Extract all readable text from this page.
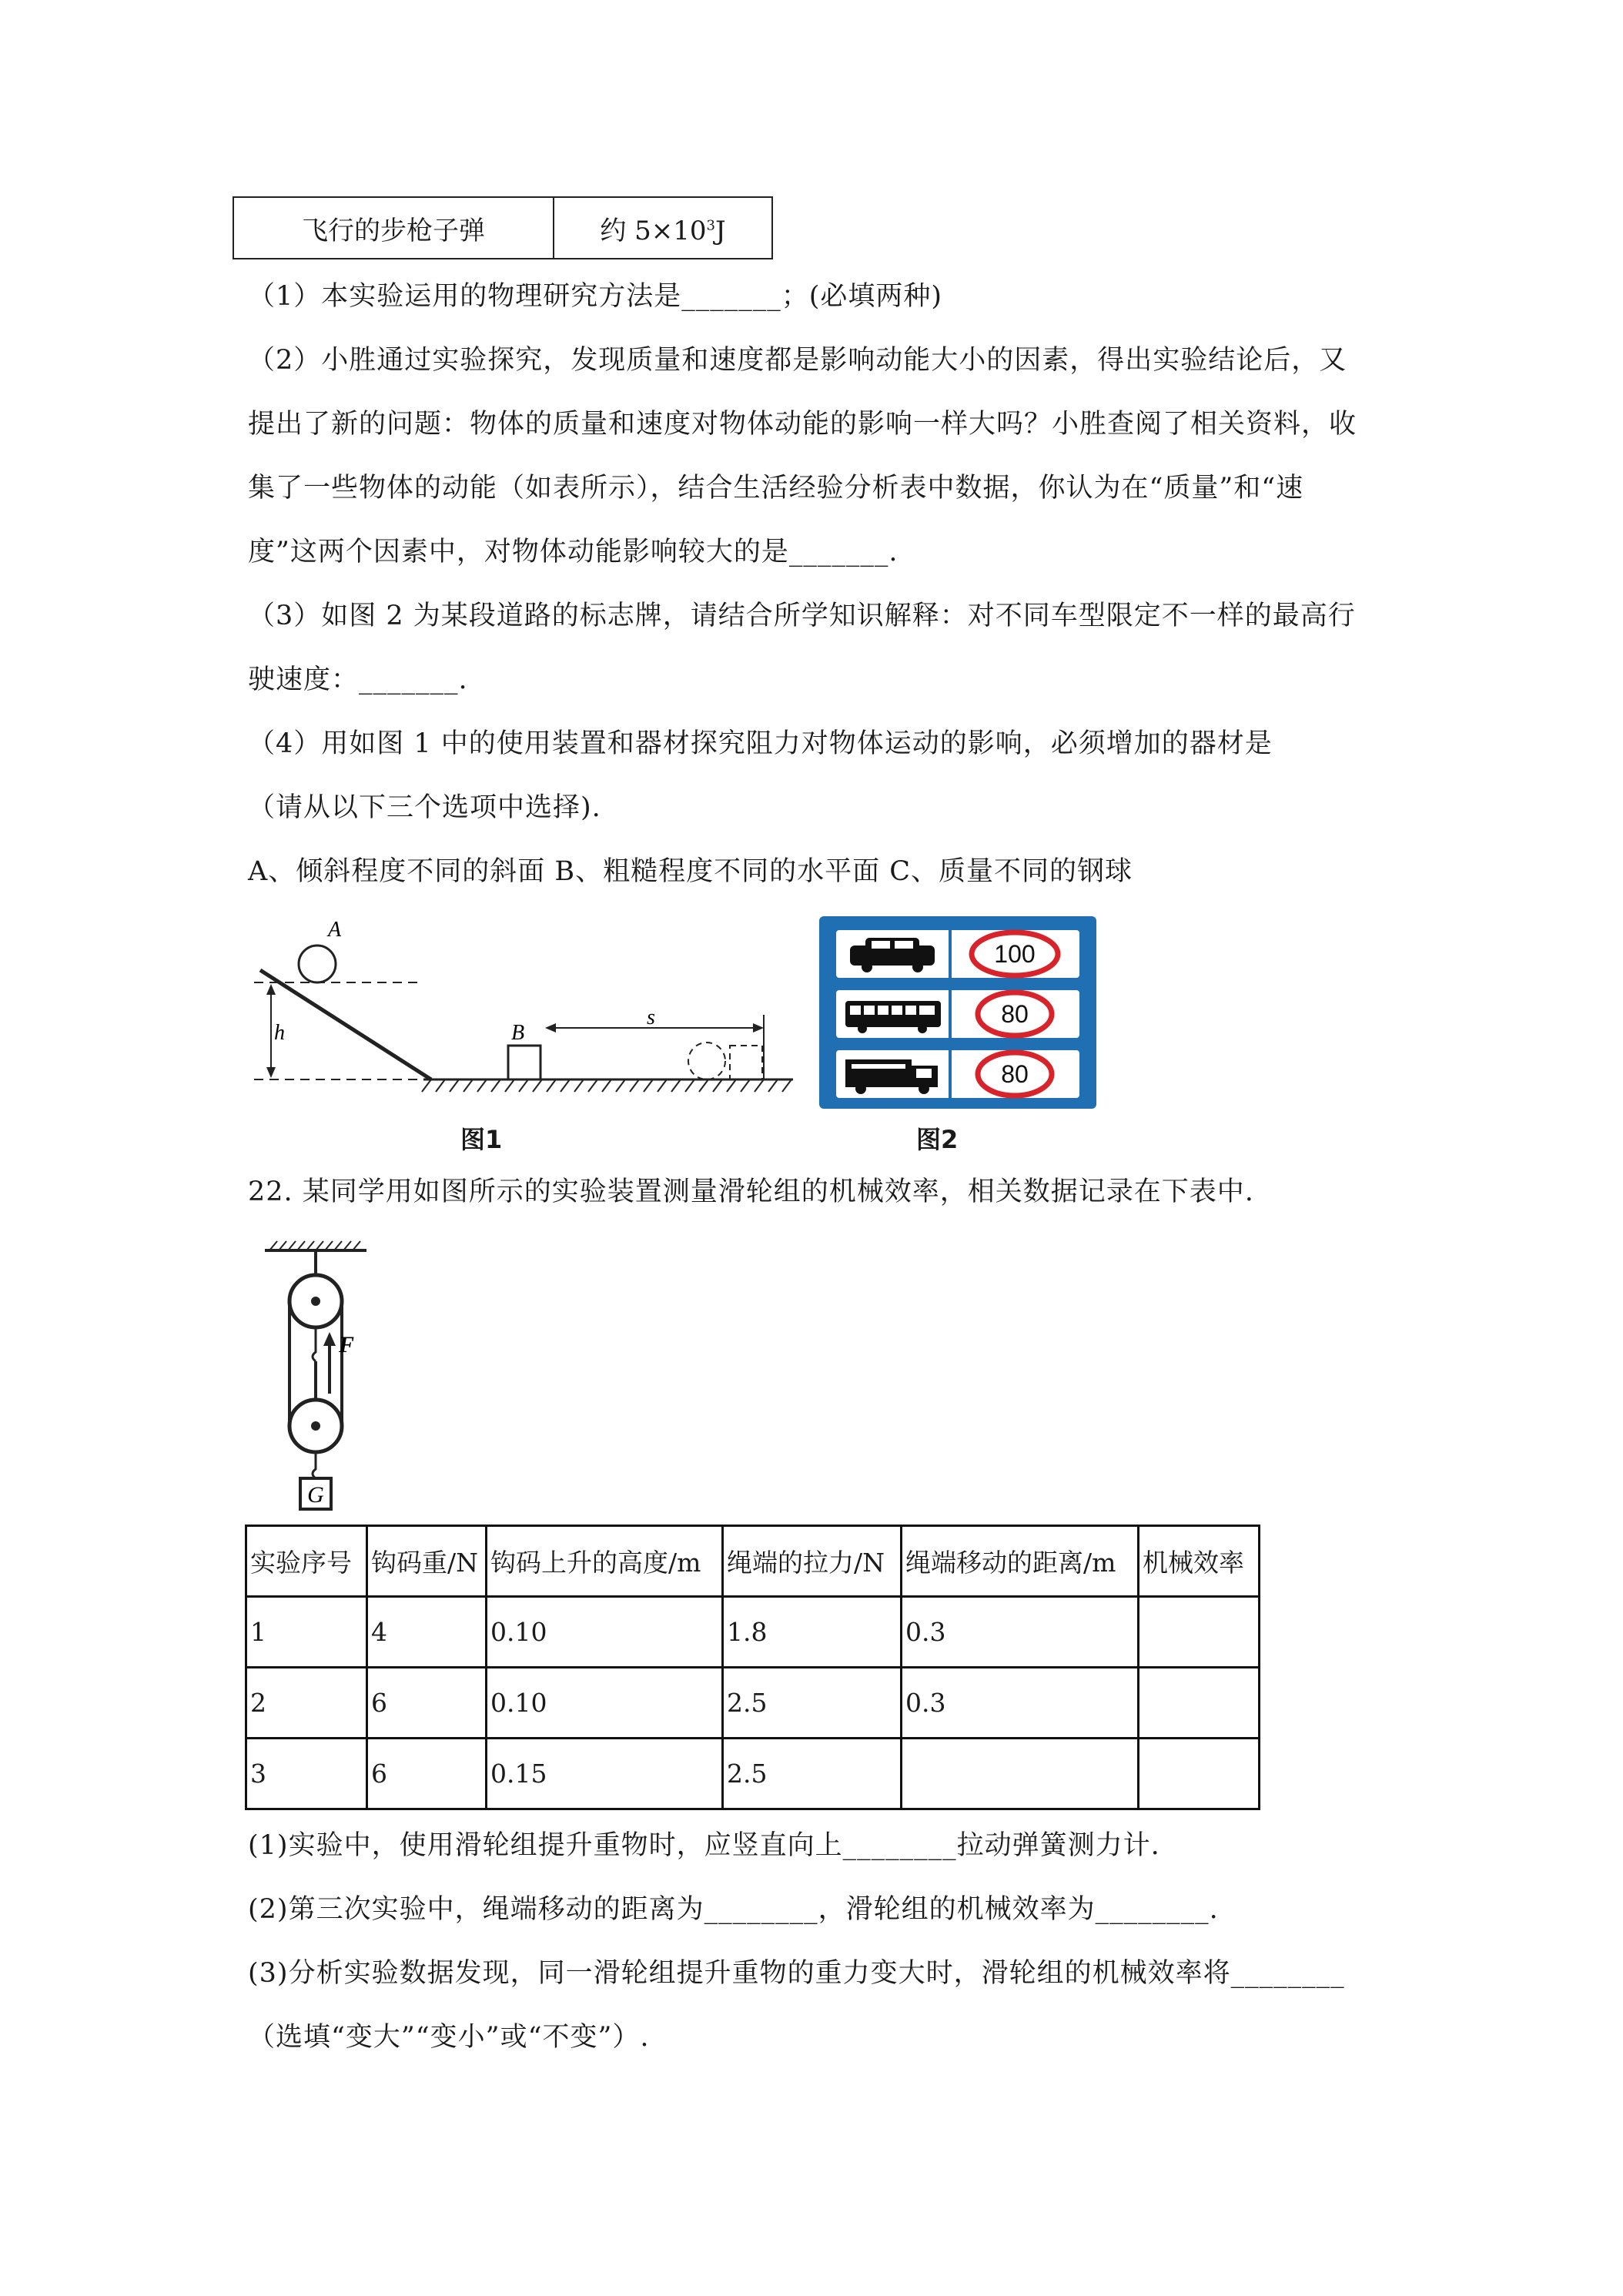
飞行的步枪子弹	约 $5\times 10^3J$
（1）本实验运用的物理研究方法是_______；(必填两种)
（2）小胜通过实验探究，发现质量和速度都是影响动能大小的因素，得出实验结论后，又
提出了新的问题：物体的质量和速度对物体动能的影响一样大吗？小胜查阅了相关资料，收
集了一些物体的动能（如表所示），结合生活经验分析表中数据，你认为在“质量”和“速
度”这两个因素中，对物体动能影响较大的是_______.
（3）如图 2 为某段道路的标志牌，请结合所学知识解释：对不同车型限定不一样的最高行
驶速度：_______.
（4）用如图 1 中的使用装置和器材探究阻力对物体运动的影响，必须增加的器材是
（请从以下三个选项中选择).
A、倾斜程度不同的斜面 B、粗糙程度不同的水平面 C、质量不同的钢球
A
h	B
s
图1
100
80
80
图2
22. 某同学用如图所示的实验装置测量滑轮组的机械效率，相关数据记录在下表中.
F
G
实验序号	钩码重/N	钩码上升的高度/m	绳端的拉力/N	绳端移动的距离/m	机械效率
1	4	0.10	1.8	0.3	
2	6	0.10	2.5	0.3	
3	6	0.15	2.5		
(1)实验中，使用滑轮组提升重物时，应竖直向上________拉动弹簧测力计.
(2)第三次实验中，绳端移动的距离为________，滑轮组的机械效率为________.
(3)分析实验数据发现，同一滑轮组提升重物的重力变大时，滑轮组的机械效率将________
（选填“变大”“变小”或“不变”）.
